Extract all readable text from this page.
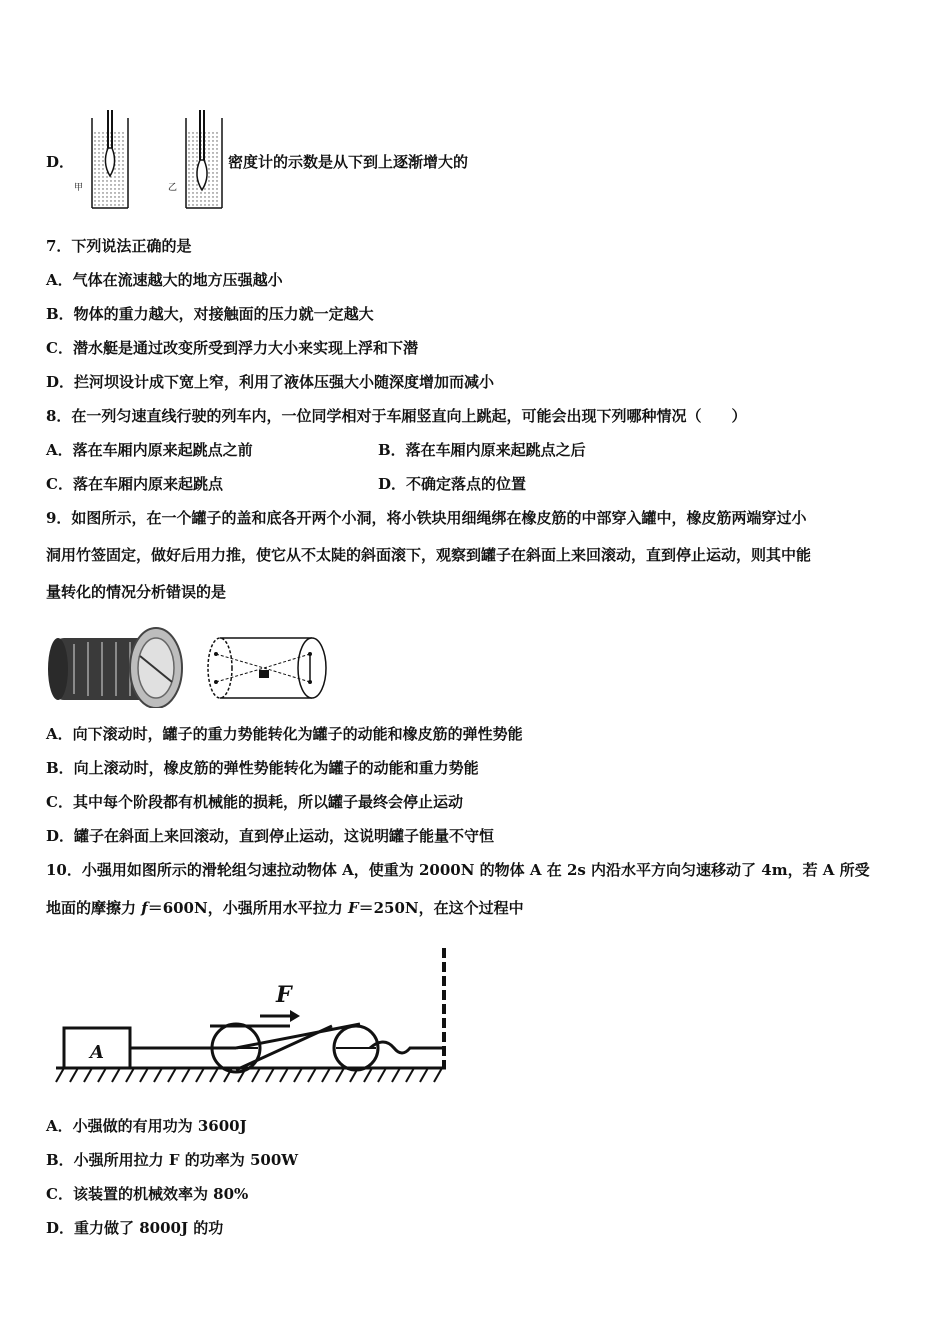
D．
甲	乙
密度计的示数是从下到上逐渐增大的
7．下列说法正确的是
A．气体在流速越大的地方压强越小
B．物体的重力越大，对接触面的压力就一定越大
C．潜水艇是通过改变所受到浮力大小来实现上浮和下潜
D．拦河坝设计成下宽上窄，利用了液体压强大小随深度增加而减小
8．在一列匀速直线行驶的列车内，一位同学相对于车厢竖直向上跳起，可能会出现下列哪种情况（　　）
A．落在车厢内原来起跳点之前	B．落在车厢内原来起跳点之后
C．落在车厢内原来起跳点	D．不确定落点的位置
9．如图所示，在一个罐子的盖和底各开两个小洞，将小铁块用细绳绑在橡皮筋的中部穿入罐中，橡皮筋两端穿过小
洞用竹签固定，做好后用力推，使它从不太陡的斜面滚下，观察到罐子在斜面上来回滚动，直到停止运动，则其中能
量转化的情况分析错误的是
A．向下滚动时，罐子的重力势能转化为罐子的动能和橡皮筋的弹性势能
B．向上滚动时，橡皮筋的弹性势能转化为罐子的动能和重力势能
C．其中每个阶段都有机械能的损耗，所以罐子最终会停止运动
D．罐子在斜面上来回滚动，直到停止运动，这说明罐子能量不守恒
10．小强用如图所示的滑轮组匀速拉动物体 A，使重为 2000N 的物体 A 在 2s 内沿水平方向匀速移动了 4m，若 A 所受
地面的摩擦力 f＝600N，小强所用水平拉力 F＝250N，在这个过程中
A
F
A．小强做的有用功为 3600J
B．小强所用拉力 F 的功率为 500W
C．该装置的机械效率为 80%
D．重力做了 8000J 的功
